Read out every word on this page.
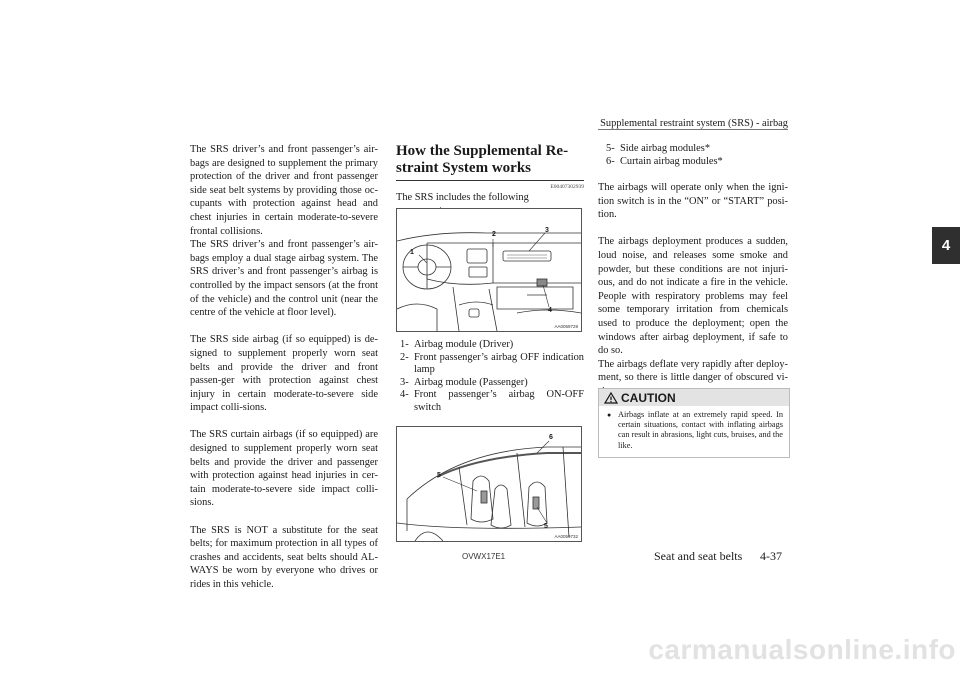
Supplemental restraint system (SRS) - airbag

The SRS driver’s and front passenger’s air-bags are designed to supplement the primary protection of the driver and front passenger side seat belt systems by providing those oc-cupants with protection against head and chest injuries in certain moderate-to-severe frontal collisions.

The SRS driver’s and front passenger’s air-bags employ a dual stage airbag system. The SRS driver’s and front passenger’s airbag is controlled by the impact sensors (at the front of the vehicle) and the control unit (near the centre of the vehicle at floor level).

The SRS side airbag (if so equipped) is de-signed to supplement properly worn seat belts and provide the driver and front passen-ger with protection against chest injury in certain moderate-to-severe side impact colli-sions.

The SRS curtain airbags (if so equipped) are designed to supplement properly worn seat belts and provide the driver and passenger with protection against head injuries in cer-tain moderate-to-severe side impact colli-sions.

The SRS is NOT a substitute for the seat belts; for maximum protection in all types of crashes and accidents, seat belts should AL-WAYS be worn by everyone who drives or rides in this vehicle.

How the Supplemental Re-straint System works
E00407302939
The SRS includes the following
1
2
3
4
AA0059729
1- Airbag module (Driver)
2- Front passenger’s airbag OFF indication lamp
3- Airbag module (Passenger)
4- Front passenger’s airbag ON-OFF switch
5
6
5
AA0059732
5- Side airbag modules*
6- Curtain airbag modules*

The airbags will operate only when the igni-tion switch is in the “ON” or “START” posi-tion.

The airbags deployment produces a sudden, loud noise, and releases some smoke and powder, but these conditions are not injuri-ous, and do not indicate a fire in the vehicle. People with respiratory problems may feel some temporary irritation from chemicals used to produce the deployment; open the windows after airbag deployment, if safe to do so.

The airbags deflate very rapidly after deploy-ment, so there is little danger of obscured vi-

CAUTION
● Airbags inflate at an extremely rapid speed. In certain situations, contact with inflating airbags can result in abrasions, light cuts, bruises, and the like.
4
OVWX17E1	Seat and seat belts 4-37
carmanualsonline.info
